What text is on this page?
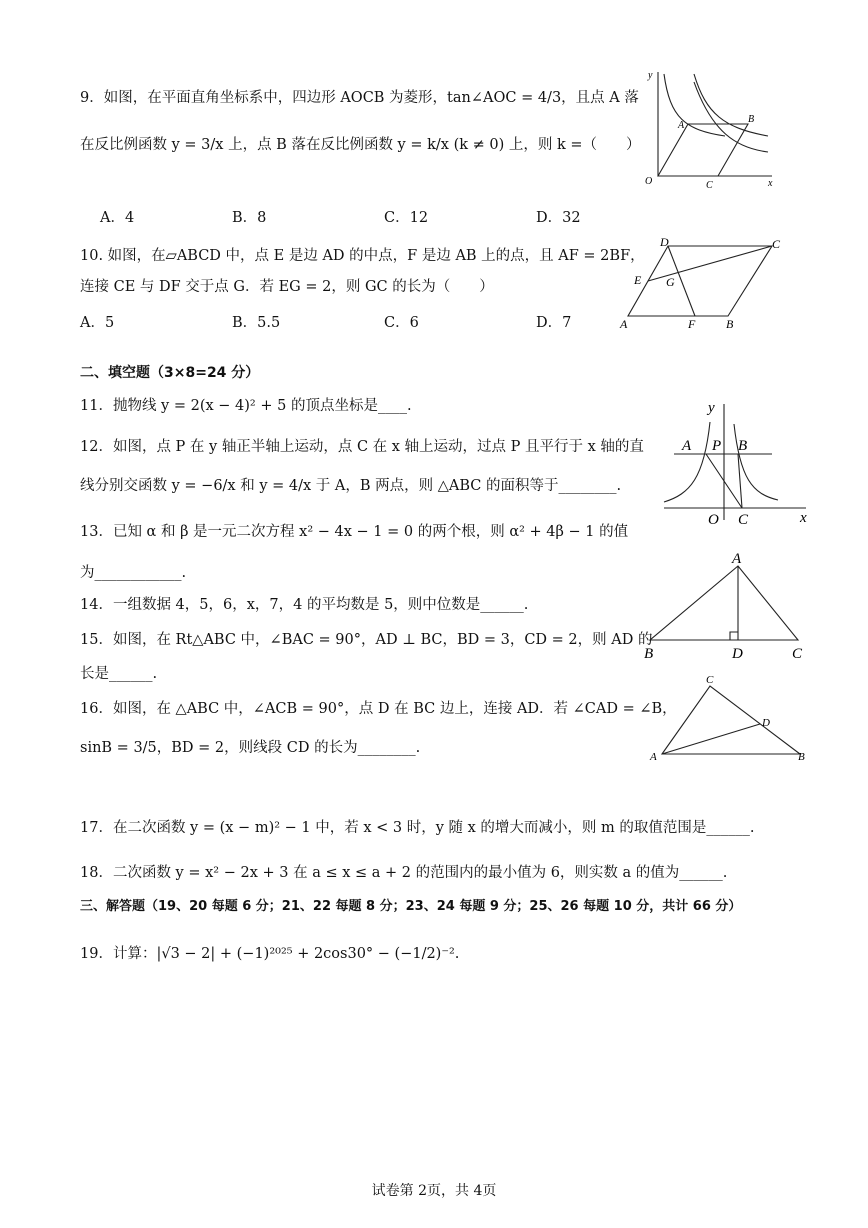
9．如图，在平面直角坐标系中，四边形 AOCB 为菱形，tan∠AOC = 4/3，且点 A 落
在反比例函数 y = 3/x 上，点 B 落在反比例函数 y = k/x (k ≠ 0) 上，则 k =（　　）
A．4	B．8	C．12	D．32
y
x
O
A
B
C
10. 如图，在▱ABCD 中，点 E 是边 AD 的中点，F 是边 AB 上的点，且 AF = 2BF，
连接 CE 与 DF 交于点 G．若 EG = 2，则 GC 的长为（　　）
A．5	B．5.5	C．6	D．7	A	B
C
D
E
F
G
二、填空题（3×8=24 分）
11．抛物线 y = 2(x − 4)² + 5 的顶点坐标是____.
12．如图，点 P 在 y 轴正半轴上运动，点 C 在 x 轴上运动，过点 P 且平行于 x 轴的直
线分别交函数 y = −6/x 和 y = 4/x 于 A，B 两点，则 △ABC 的面积等于________.
y
x
O
A P B
C
13．已知 α 和 β 是一元二次方程 x² − 4x − 1 = 0 的两个根，则 α² + 4β − 1 的值
为____________.
14．一组数据 4，5，6，x，7，4 的平均数是 5，则中位数是______.
15．如图，在 Rt△ABC 中，∠BAC = 90°，AD ⊥ BC，BD = 3，CD = 2，则 AD 的
长是______.
A
B	C
D
16．如图，在 △ABC 中，∠ACB = 90°，点 D 在 BC 边上，连接 AD．若 ∠CAD = ∠B，
sinB = 3/5，BD = 2，则线段 CD 的长为________.
C
D
A	B
17．在二次函数 y = (x − m)² − 1 中，若 x < 3 时，y 随 x 的增大而减小，则 m 的取值范围是______.
18．二次函数 y = x² − 2x + 3 在 a ≤ x ≤ a + 2 的范围内的最小值为 6，则实数 a 的值为______.
三、解答题（19、20 每题 6 分；21、22 每题 8 分；23、24 每题 9 分；25、26 每题 10 分，共计 66 分）
19．计算：|√3 − 2| + (−1)²⁰²⁵ + 2cos30° − (−1/2)⁻².
试卷第 2页，共 4页
